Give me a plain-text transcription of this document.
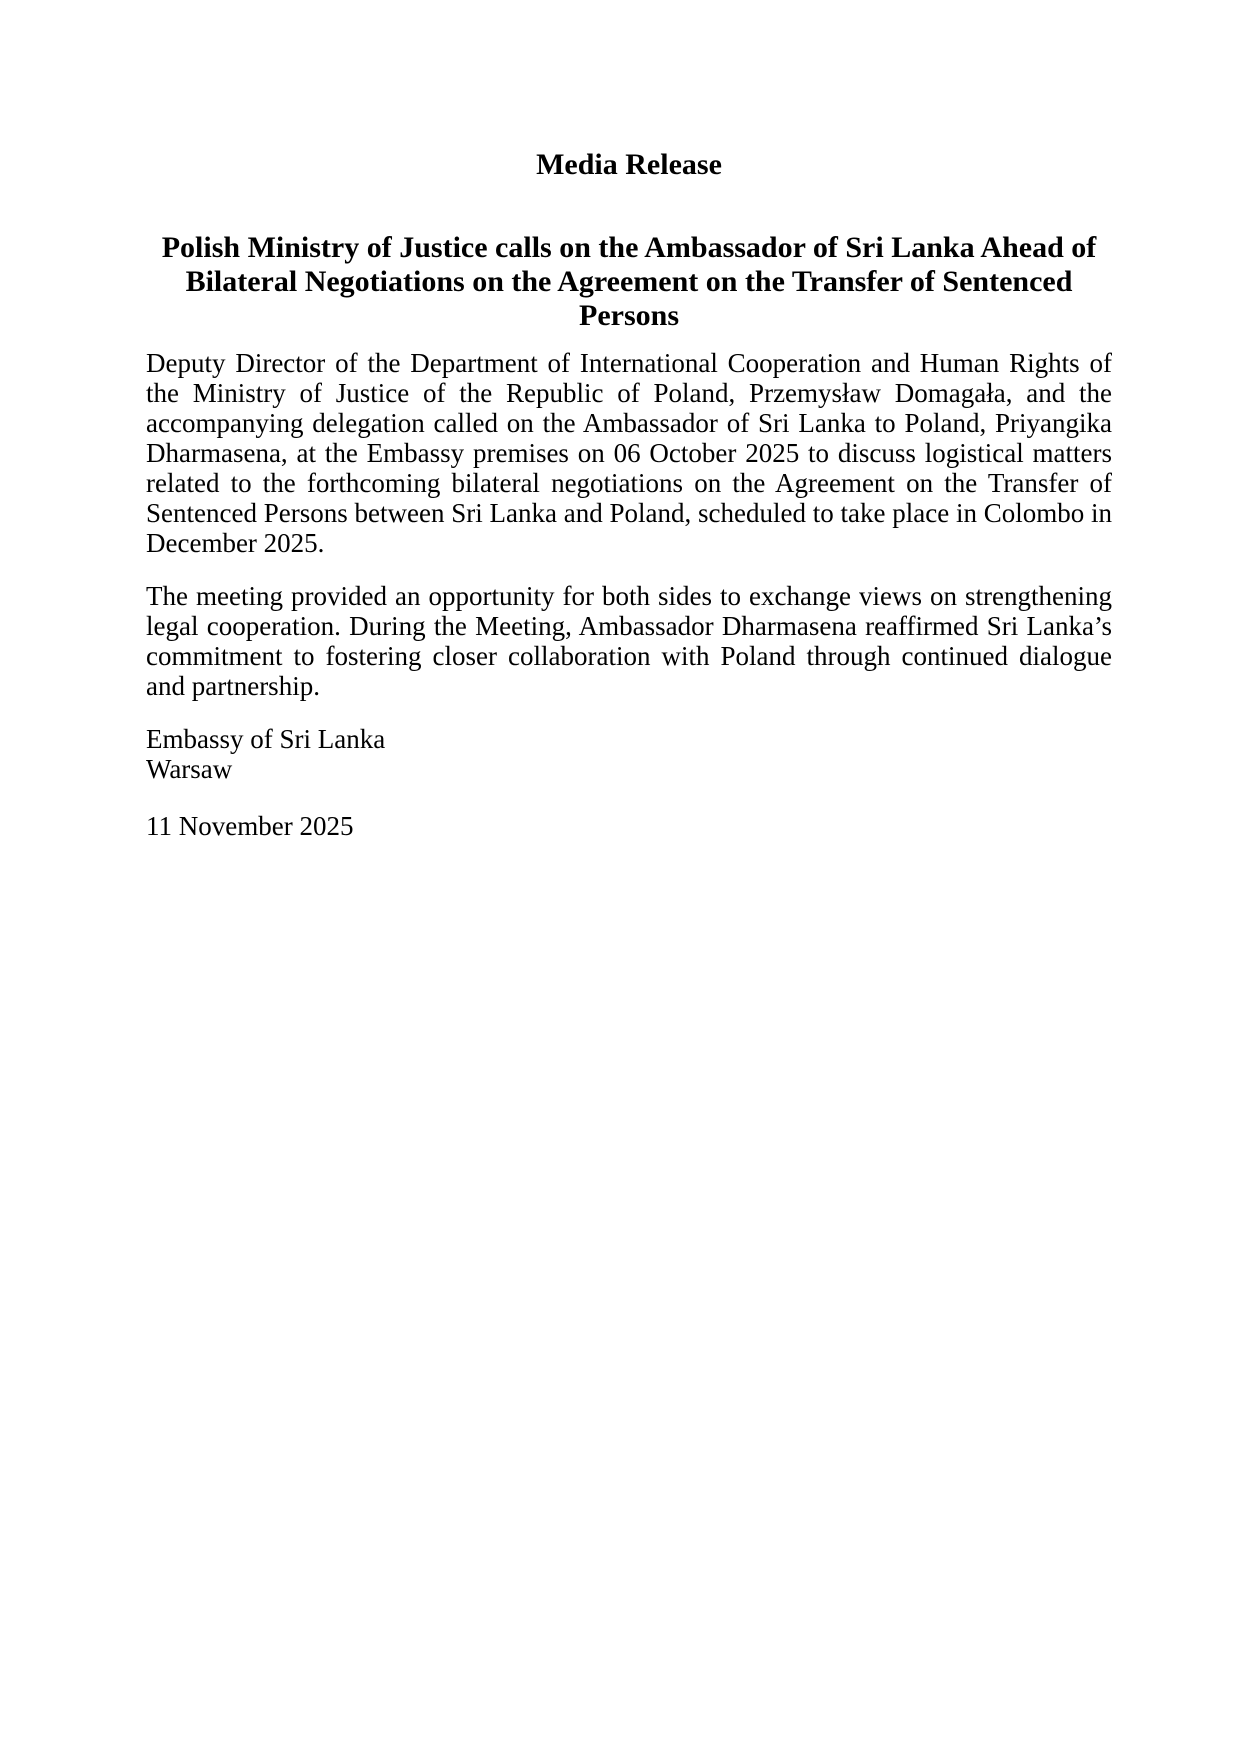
Media Release
Polish Ministry of Justice calls on the Ambassador of Sri Lanka Ahead of Bilateral Negotiations on the Agreement on the Transfer of Sentenced Persons

Deputy Director of the Department of International Cooperation and Human Rights of the Ministry of Justice of the Republic of Poland, Przemysław Domagała, and the accompanying delegation called on the Ambassador of Sri Lanka to Poland, Priyangika Dharmasena, at the Embassy premises on 06 October 2025 to discuss logistical matters related to the forthcoming bilateral negotiations on the Agreement on the Transfer of Sentenced Persons between Sri Lanka and Poland, scheduled to take place in Colombo in December 2025.

The meeting provided an opportunity for both sides to exchange views on strengthening legal cooperation. During the Meeting, Ambassador Dharmasena reaffirmed Sri Lanka’s commitment to fostering closer collaboration with Poland through continued dialogue and partnership.

Embassy of Sri Lanka
Warsaw

11 November 2025
